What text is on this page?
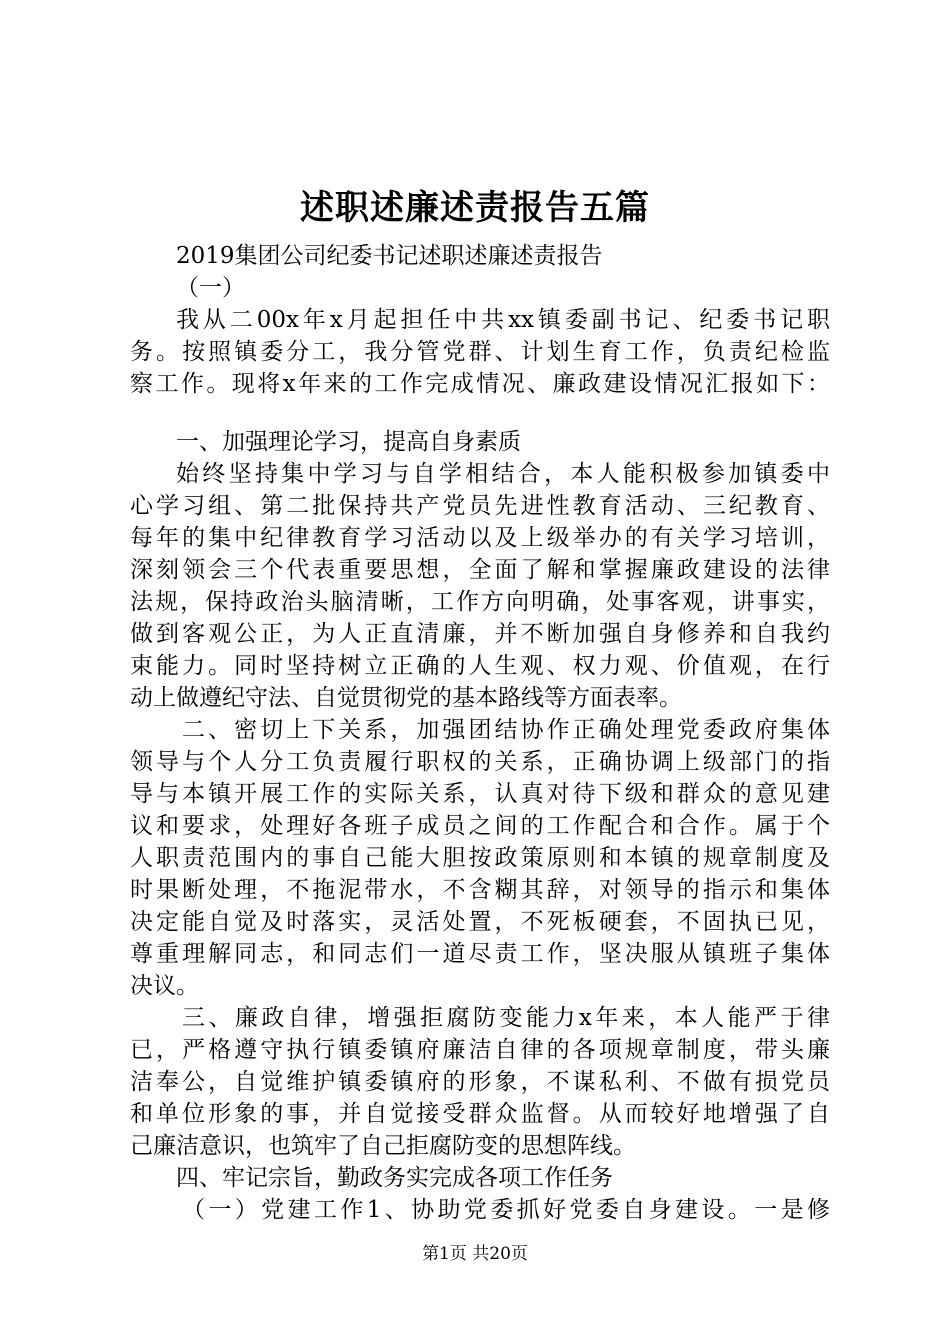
述职述廉述责报告五篇
2019集团公司纪委书记述职述廉述责报告
（一）
我从二00x年x月起担任中共xx镇委副书记、纪委书记职
务。按照镇委分工，我分管党群、计划生育工作，负责纪检监
察工作。现将x年来的工作完成情况、廉政建设情况汇报如下：
一、加强理论学习，提高自身素质
始终坚持集中学习与自学相结合，本人能积极参加镇委中
心学习组、第二批保持共产党员先进性教育活动、三纪教育、
每年的集中纪律教育学习活动以及上级举办的有关学习培训，
深刻领会三个代表重要思想，全面了解和掌握廉政建设的法律
法规，保持政治头脑清晰，工作方向明确，处事客观，讲事实，
做到客观公正，为人正直清廉，并不断加强自身修养和自我约
束能力。同时坚持树立正确的人生观、权力观、价值观，在行
动上做遵纪守法、自觉贯彻党的基本路线等方面表率。
二、密切上下关系，加强团结协作正确处理党委政府集体
领导与个人分工负责履行职权的关系，正确协调上级部门的指
导与本镇开展工作的实际关系，认真对待下级和群众的意见建
议和要求，处理好各班子成员之间的工作配合和合作。属于个
人职责范围内的事自己能大胆按政策原则和本镇的规章制度及
时果断处理，不拖泥带水，不含糊其辞，对领导的指示和集体
决定能自觉及时落实，灵活处置，不死板硬套，不固执已见，
尊重理解同志，和同志们一道尽责工作，坚决服从镇班子集体
决议。
三、廉政自律，增强拒腐防变能力x年来，本人能严于律
已，严格遵守执行镇委镇府廉洁自律的各项规章制度，带头廉
洁奉公，自觉维护镇委镇府的形象，不谋私利、不做有损党员
和单位形象的事，并自觉接受群众监督。从而较好地增强了自
己廉洁意识，也筑牢了自己拒腐防变的思想阵线。
四、牢记宗旨，勤政务实完成各项工作任务
（一）党建工作1、协助党委抓好党委自身建设。一是修
第1页 共20页
